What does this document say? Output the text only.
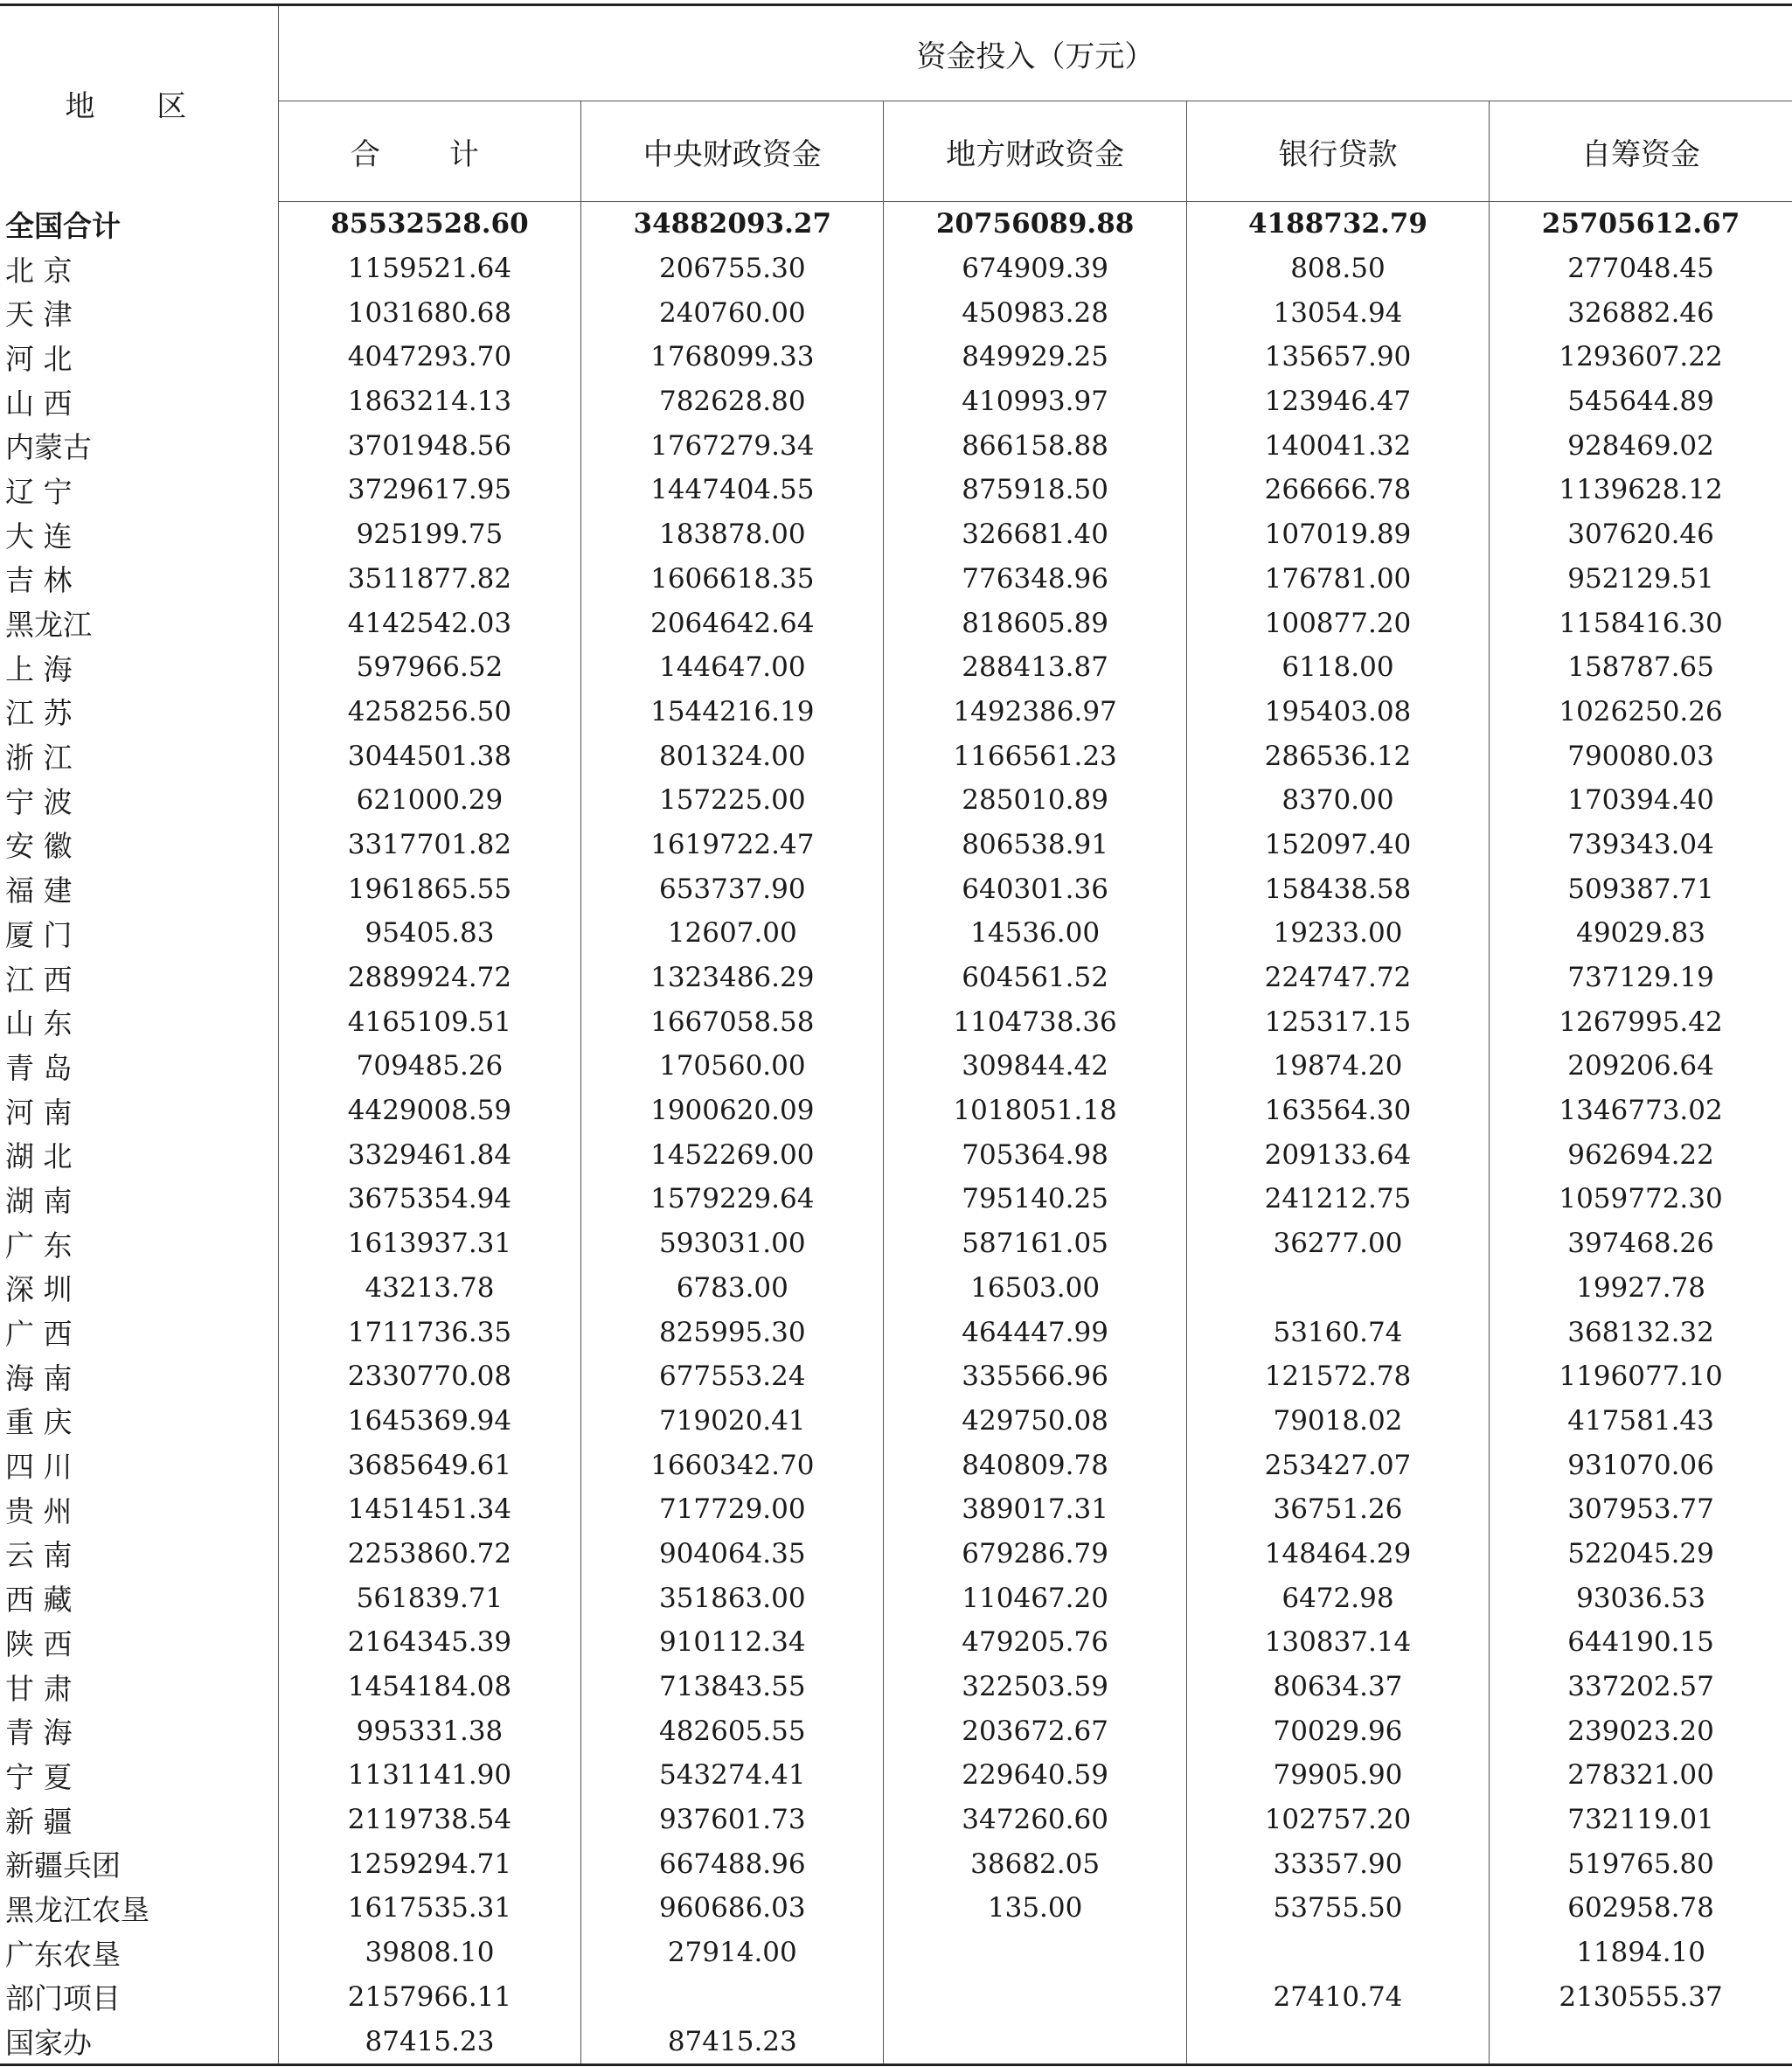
地 区	资金投入（万元）				
	合 计	中央财政资金	地方财政资金	银行贷款	自筹资金
全国合计	85532528.60	34882093.27	20756089.88	4188732.79	25705612.67
北 京	1159521.64	206755.30	674909.39	808.50	277048.45
天 津	1031680.68	240760.00	450983.28	13054.94	326882.46
河 北	4047293.70	1768099.33	849929.25	135657.90	1293607.22
山 西	1863214.13	782628.80	410993.97	123946.47	545644.89
内蒙古	3701948.56	1767279.34	866158.88	140041.32	928469.02
辽 宁	3729617.95	1447404.55	875918.50	266666.78	1139628.12
大 连	925199.75	183878.00	326681.40	107019.89	307620.46
吉 林	3511877.82	1606618.35	776348.96	176781.00	952129.51
黑龙江	4142542.03	2064642.64	818605.89	100877.20	1158416.30
上 海	597966.52	144647.00	288413.87	6118.00	158787.65
江 苏	4258256.50	1544216.19	1492386.97	195403.08	1026250.26
浙 江	3044501.38	801324.00	1166561.23	286536.12	790080.03
宁 波	621000.29	157225.00	285010.89	8370.00	170394.40
安 徽	3317701.82	1619722.47	806538.91	152097.40	739343.04
福 建	1961865.55	653737.90	640301.36	158438.58	509387.71
厦 门	95405.83	12607.00	14536.00	19233.00	49029.83
江 西	2889924.72	1323486.29	604561.52	224747.72	737129.19
山 东	4165109.51	1667058.58	1104738.36	125317.15	1267995.42
青 岛	709485.26	170560.00	309844.42	19874.20	209206.64
河 南	4429008.59	1900620.09	1018051.18	163564.30	1346773.02
湖 北	3329461.84	1452269.00	705364.98	209133.64	962694.22
湖 南	3675354.94	1579229.64	795140.25	241212.75	1059772.30
广 东	1613937.31	593031.00	587161.05	36277.00	397468.26
深 圳	43213.78	6783.00	16503.00		19927.78
广 西	1711736.35	825995.30	464447.99	53160.74	368132.32
海 南	2330770.08	677553.24	335566.96	121572.78	1196077.10
重 庆	1645369.94	719020.41	429750.08	79018.02	417581.43
四 川	3685649.61	1660342.70	840809.78	253427.07	931070.06
贵 州	1451451.34	717729.00	389017.31	36751.26	307953.77
云 南	2253860.72	904064.35	679286.79	148464.29	522045.29
西 藏	561839.71	351863.00	110467.20	6472.98	93036.53
陕 西	2164345.39	910112.34	479205.76	130837.14	644190.15
甘 肃	1454184.08	713843.55	322503.59	80634.37	337202.57
青 海	995331.38	482605.55	203672.67	70029.96	239023.20
宁 夏	1131141.90	543274.41	229640.59	79905.90	278321.00
新 疆	2119738.54	937601.73	347260.60	102757.20	732119.01
新疆兵团	1259294.71	667488.96	38682.05	33357.90	519765.80
黑龙江农垦	1617535.31	960686.03	135.00	53755.50	602958.78
广东农垦	39808.10	27914.00			11894.10
部门项目	2157966.11			27410.74	2130555.37
国家办	87415.23	87415.23			
